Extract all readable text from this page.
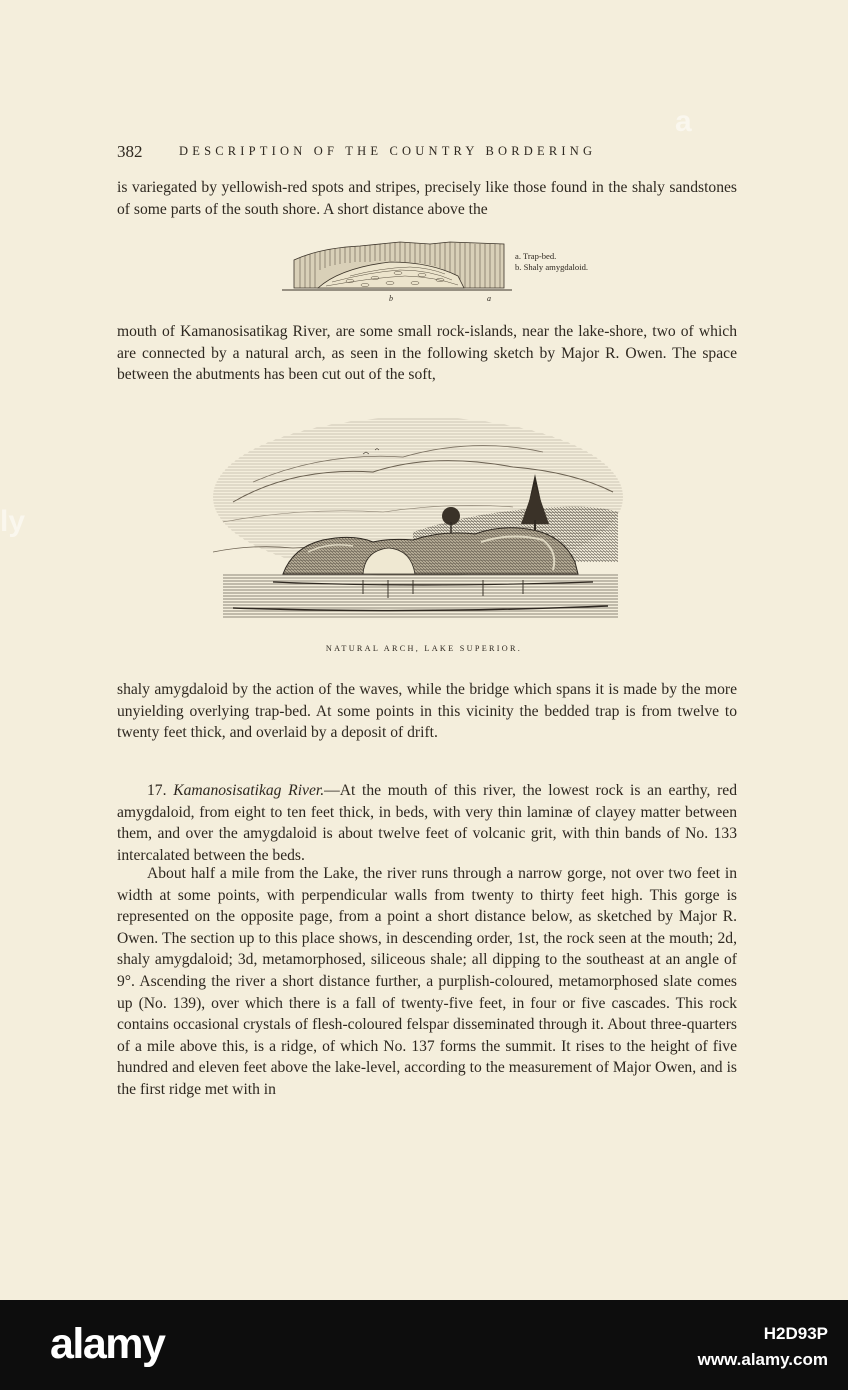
382	DESCRIPTION OF THE COUNTRY BORDERING

is variegated by yellowish-red spots and stripes, precisely like those found in the shaly sandstones of some parts of the south shore. A short distance above the

a. Trap-bed.
b. Shaly amygdaloid.
b	a

mouth of Kamanosisatikag River, are some small rock-islands, near the lake-shore, two of which are connected by a natural arch, as seen in the following sketch by Major R. Owen. The space between the abutments has been cut out of the soft,

NATURAL ARCH, LAKE SUPERIOR.

shaly amygdaloid by the action of the waves, while the bridge which spans it is made by the more unyielding overlying trap-bed. At some points in this vicinity the bedded trap is from twelve to twenty feet thick, and overlaid by a deposit of drift.

17. Kamanosisatikag River.—At the mouth of this river, the lowest rock is an earthy, red amygdaloid, from eight to ten feet thick, in beds, with very thin laminæ of clayey matter between them, and over the amygdaloid is about twelve feet of volcanic grit, with thin bands of No. 133 intercalated between the beds.

About half a mile from the Lake, the river runs through a narrow gorge, not over two feet in width at some points, with perpendicular walls from twenty to thirty feet high. This gorge is represented on the opposite page, from a point a short distance below, as sketched by Major R. Owen. The section up to this place shows, in descending order, 1st, the rock seen at the mouth; 2d, shaly amygdaloid; 3d, metamorphosed, siliceous shale; all dipping to the southeast at an angle of 9°. Ascending the river a short distance further, a purplish-coloured, metamorphosed slate comes up (No. 139), over which there is a fall of twenty-five feet, in four or five cascades. This rock contains occasional crystals of flesh-coloured felspar disseminated through it. About three-quarters of a mile above this, is a ridge, of which No. 137 forms the summit. It rises to the height of five hundred and eleven feet above the lake-level, according to the measurement of Major Owen, and is the first ridge met with in

a
ly
alamy	H2D93P
www.alamy.com
